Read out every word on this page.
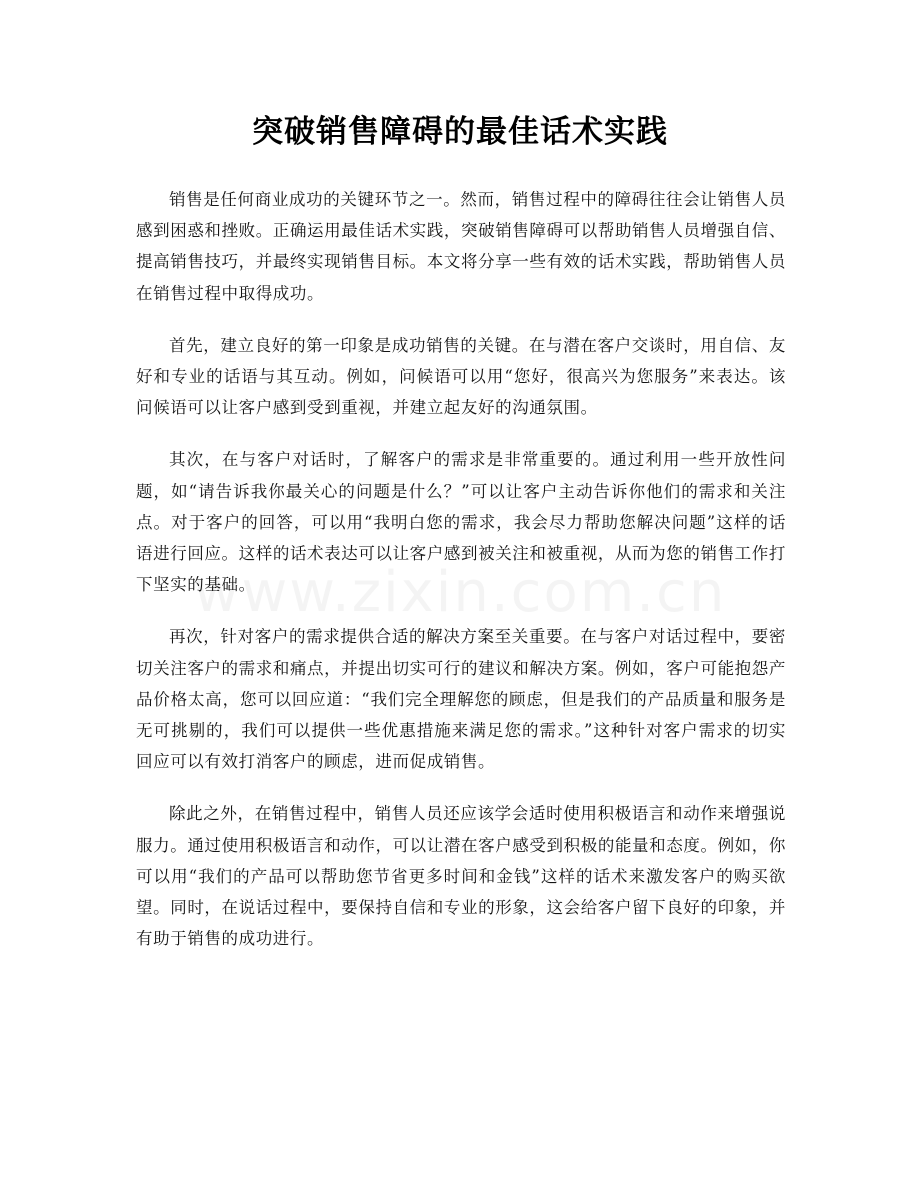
突破销售障碍的最佳话术实践

销售是任何商业成功的关键环节之一。然而，销售过程中的障碍往往会让销售人员感到困惑和挫败。正确运用最佳话术实践，突破销售障碍可以帮助销售人员增强自信、提高销售技巧，并最终实现销售目标。本文将分享一些有效的话术实践，帮助销售人员在销售过程中取得成功。

首先，建立良好的第一印象是成功销售的关键。在与潜在客户交谈时，用自信、友好和专业的话语与其互动。例如，问候语可以用“您好，很高兴为您服务”来表达。该问候语可以让客户感到受到重视，并建立起友好的沟通氛围。

其次，在与客户对话时，了解客户的需求是非常重要的。通过利用一些开放性问题，如“请告诉我你最关心的问题是什么？”可以让客户主动告诉你他们的需求和关注点。对于客户的回答，可以用“我明白您的需求，我会尽力帮助您解决问题”这样的话语进行回应。这样的话术表达可以让客户感到被关注和被重视，从而为您的销售工作打下坚实的基础。

再次，针对客户的需求提供合适的解决方案至关重要。在与客户对话过程中，要密切关注客户的需求和痛点，并提出切实可行的建议和解决方案。例如，客户可能抱怨产品价格太高，您可以回应道：“我们完全理解您的顾虑，但是我们的产品质量和服务是无可挑剔的，我们可以提供一些优惠措施来满足您的需求。”这种针对客户需求的切实回应可以有效打消客户的顾虑，进而促成销售。

除此之外，在销售过程中，销售人员还应该学会适时使用积极语言和动作来增强说服力。通过使用积极语言和动作，可以让潜在客户感受到积极的能量和态度。例如，你可以用“我们的产品可以帮助您节省更多时间和金钱”这样的话术来激发客户的购买欲望。同时，在说话过程中，要保持自信和专业的形象，这会给客户留下良好的印象，并有助于销售的成功进行。
